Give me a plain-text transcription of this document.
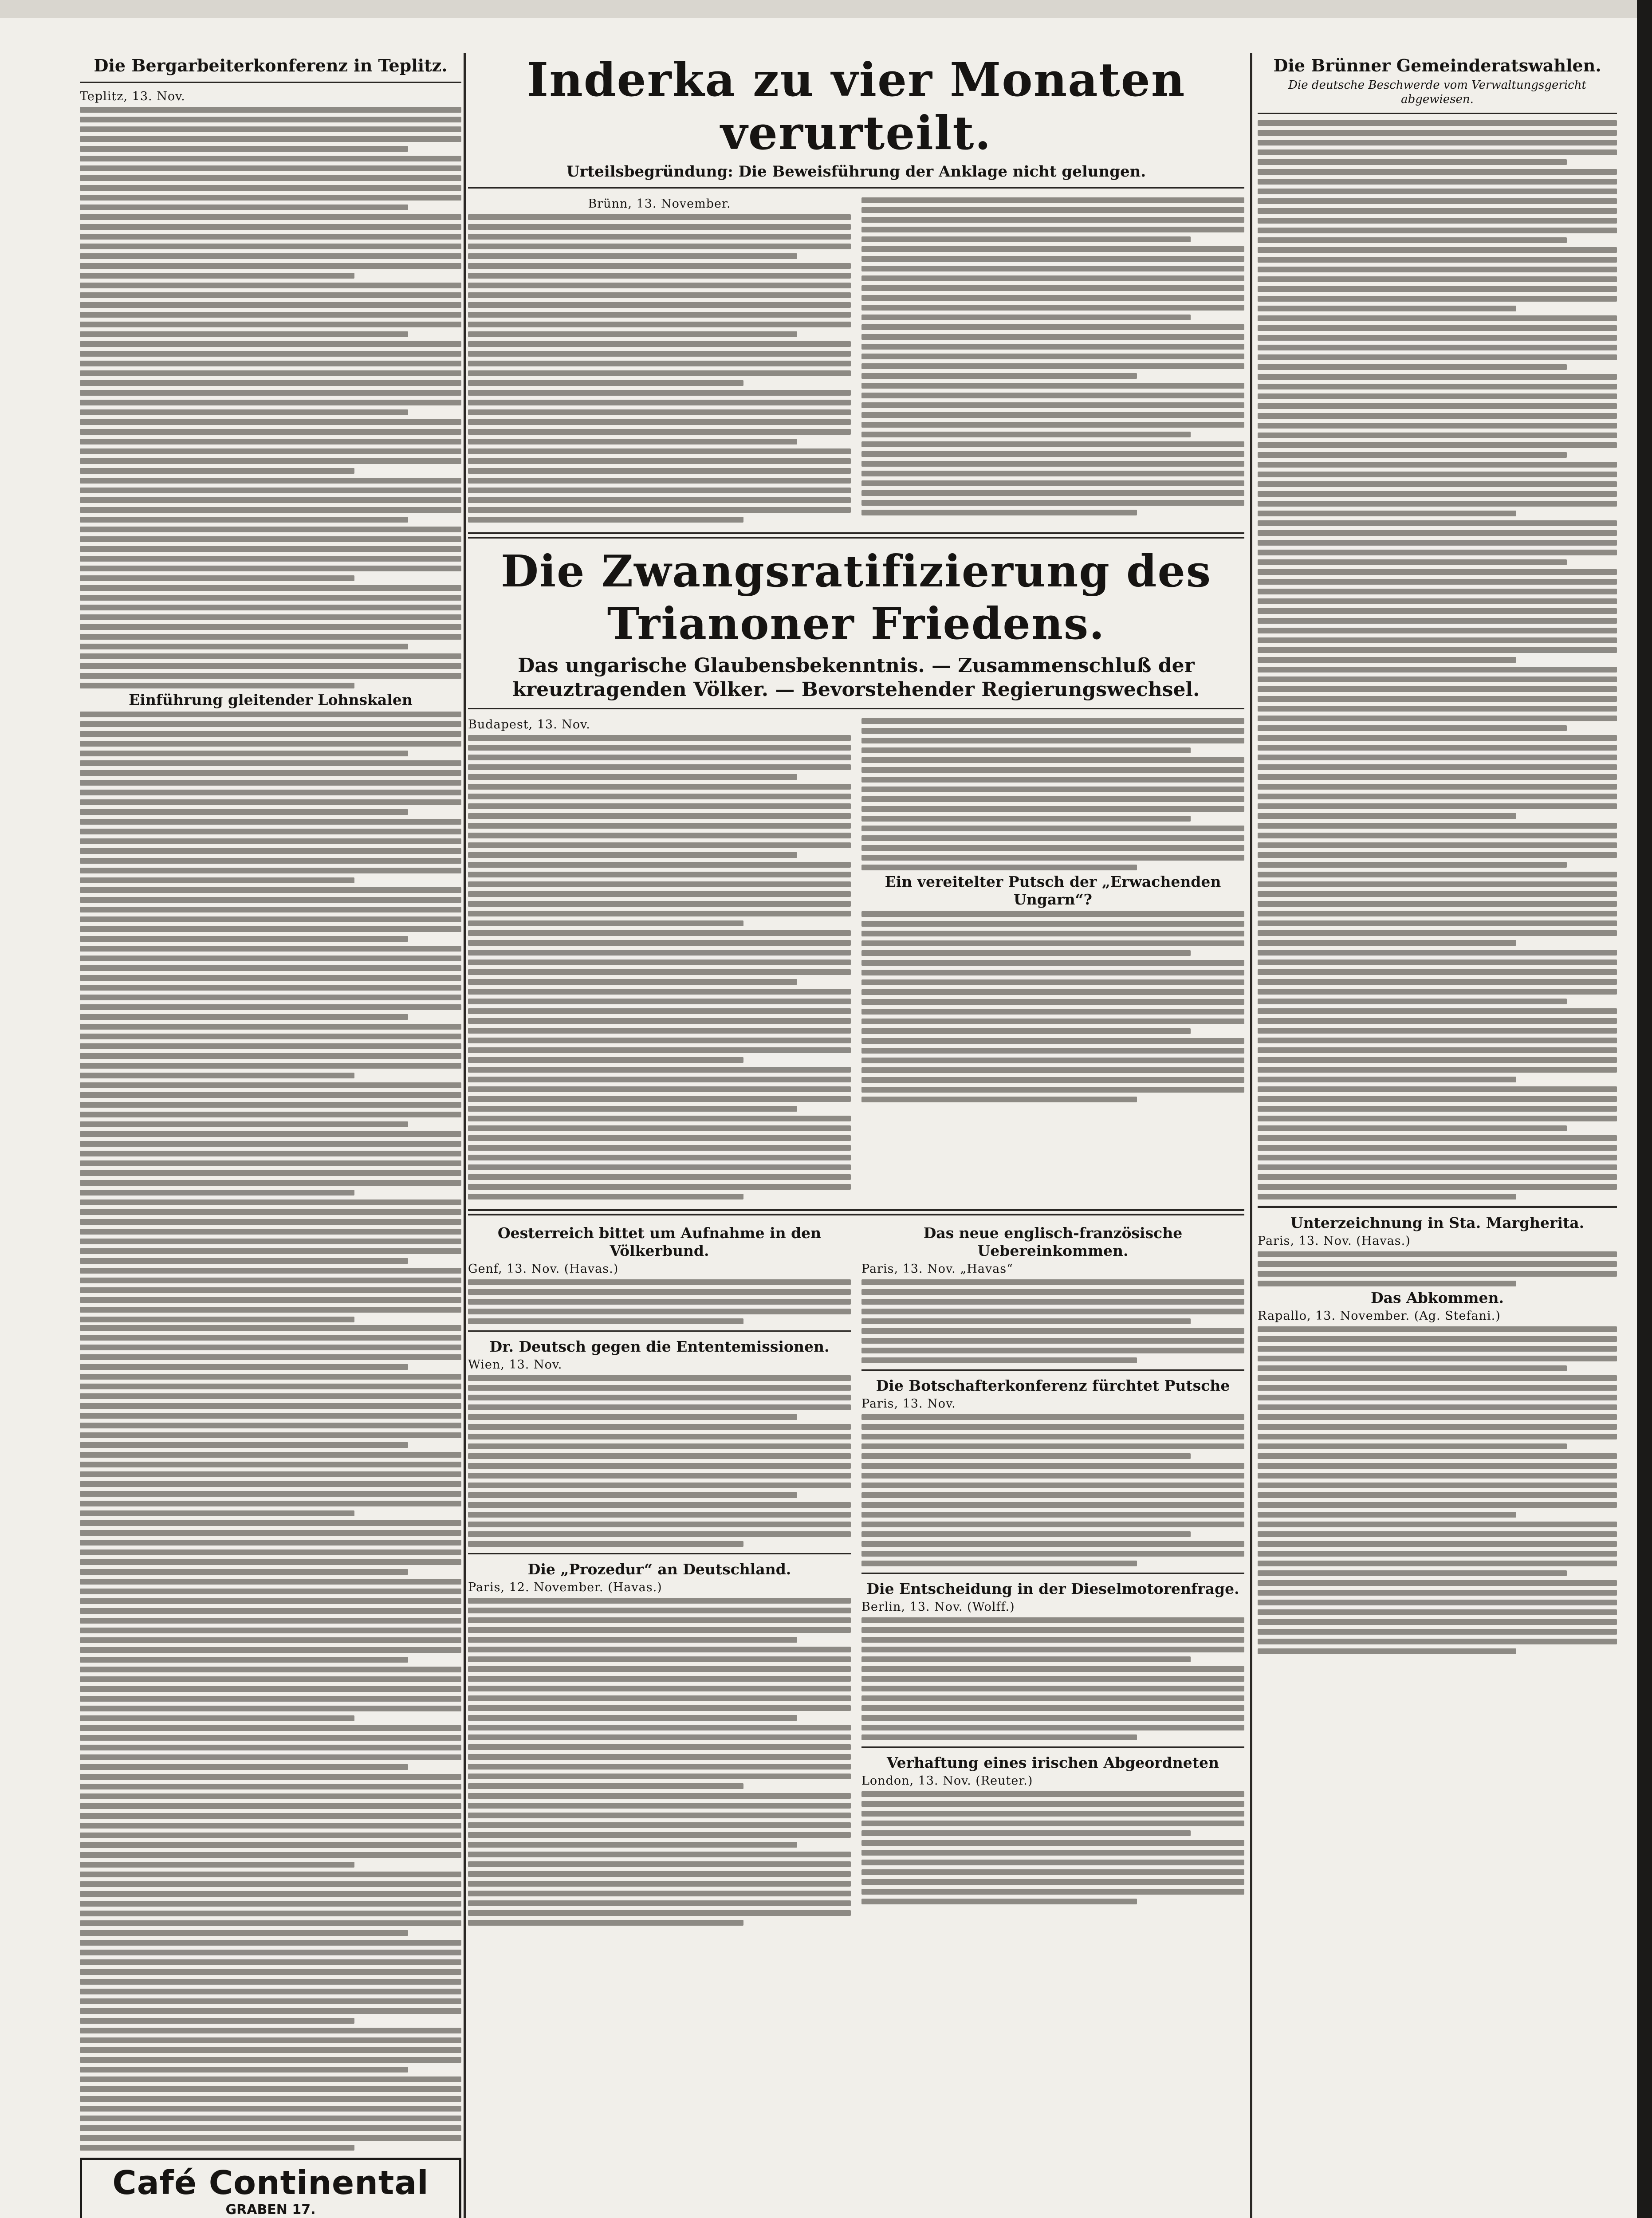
Die Bergarbeiterkonferenz in Teplitz.
Teplitz, 13. Nov.
Einführung gleitender Lohnskalen
Café Continental
GRABEN 17.
Inderka zu vier Monaten verurteilt.
Urteilsbegründung: Die Beweisführung der Anklage nicht gelungen.
Brünn, 13. November.
Die Zwangsratifizierung des Trianoner Friedens.
Das ungarische Glaubensbekenntnis. — Zusammenschluß der kreuztragenden Völker. — Bevorstehender Regierungswechsel.
Budapest, 13. Nov.
Ein vereitelter Putsch der „Erwachenden Ungarn“?
Oesterreich bittet um Aufnahme in den Völkerbund.
Genf, 13. Nov. (Havas.)
Dr. Deutsch gegen die Ententemissionen.
Wien, 13. Nov.
Die „Prozedur“ an Deutschland.
Paris, 12. November. (Havas.)
Das neue englisch-französische Uebereinkommen.
Paris, 13. Nov. „Havas“
Die Botschafterkonferenz fürchtet Putsche
Paris, 13. Nov.
Die Entscheidung in der Dieselmotorenfrage.
Berlin, 13. Nov. (Wolff.)
Verhaftung eines irischen Abgeordneten
London, 13. Nov. (Reuter.)
Die Brünner Gemeinderatswahlen.
Die deutsche Beschwerde vom Verwaltungsgericht abgewiesen.
Unterzeichnung in Sta. Margherita.
Paris, 13. Nov. (Havas.)
Das Abkommen.
Rapallo, 13. November. (Ag. Stefani.)
